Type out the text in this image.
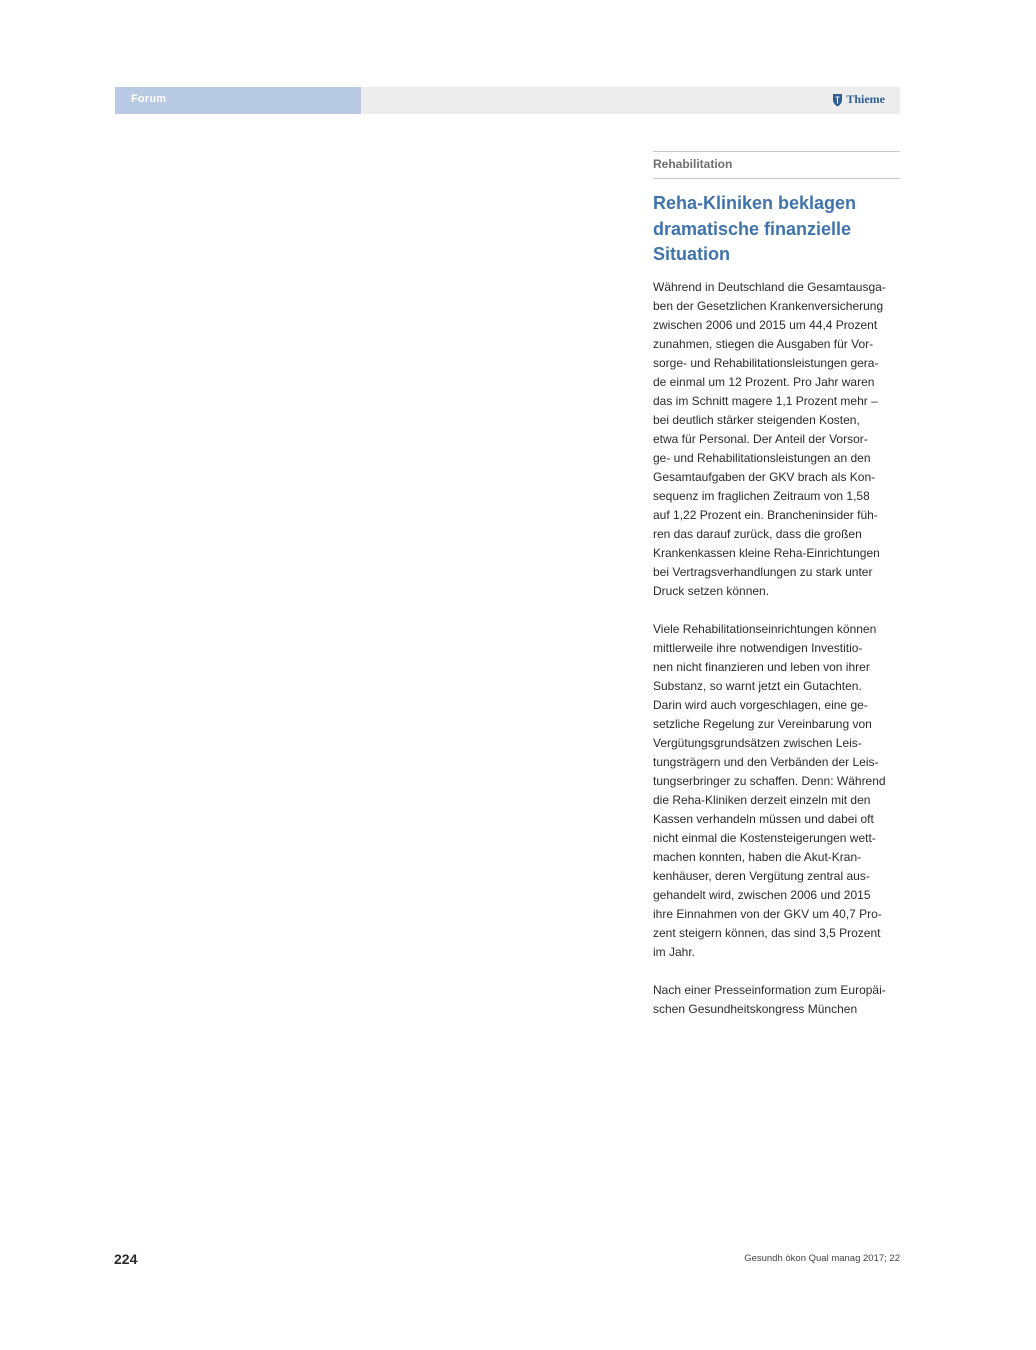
Forum	Thieme
Rehabilitation
Reha-Kliniken beklagen
dramatische finanzielle
Situation

Während in Deutschland die Gesamtausga-
ben der Gesetzlichen Krankenversicherung
zwischen 2006 und 2015 um 44,4 Prozent
zunahmen, stiegen die Ausgaben für Vor-
sorge- und Rehabilitationsleistungen gera-
de einmal um 12 Prozent. Pro Jahr waren
das im Schnitt magere 1,1 Prozent mehr –
bei deutlich stärker steigenden Kosten,
etwa für Personal. Der Anteil der Vorsor-
ge- und Rehabilitationsleistungen an den
Gesamtaufgaben der GKV brach als Kon-
sequenz im fraglichen Zeitraum von 1,58
auf 1,22 Prozent ein. Brancheninsider füh-
ren das darauf zurück, dass die großen
Krankenkassen kleine Reha-Einrichtungen
bei Vertragsverhandlungen zu stark unter
Druck setzen können.

Viele Rehabilitationseinrichtungen können
mittlerweile ihre notwendigen Investitio-
nen nicht finanzieren und leben von ihrer
Substanz, so warnt jetzt ein Gutachten.
Darin wird auch vorgeschlagen, eine ge-
setzliche Regelung zur Vereinbarung von
Vergütungsgrundsätzen zwischen Leis-
tungsträgern und den Verbänden der Leis-
tungserbringer zu schaffen. Denn: Während
die Reha-Kliniken derzeit einzeln mit den
Kassen verhandeln müssen und dabei oft
nicht einmal die Kostensteigerungen wett-
machen konnten, haben die Akut-Kran-
kenhäuser, deren Vergütung zentral aus-
gehandelt wird, zwischen 2006 und 2015
ihre Einnahmen von der GKV um 40,7 Pro-
zent steigern können, das sind 3,5 Prozent
im Jahr.

Nach einer Presseinformation zum Europäi-
schen Gesundheitskongress München

224	Gesundh ökon Qual manag 2017; 22
